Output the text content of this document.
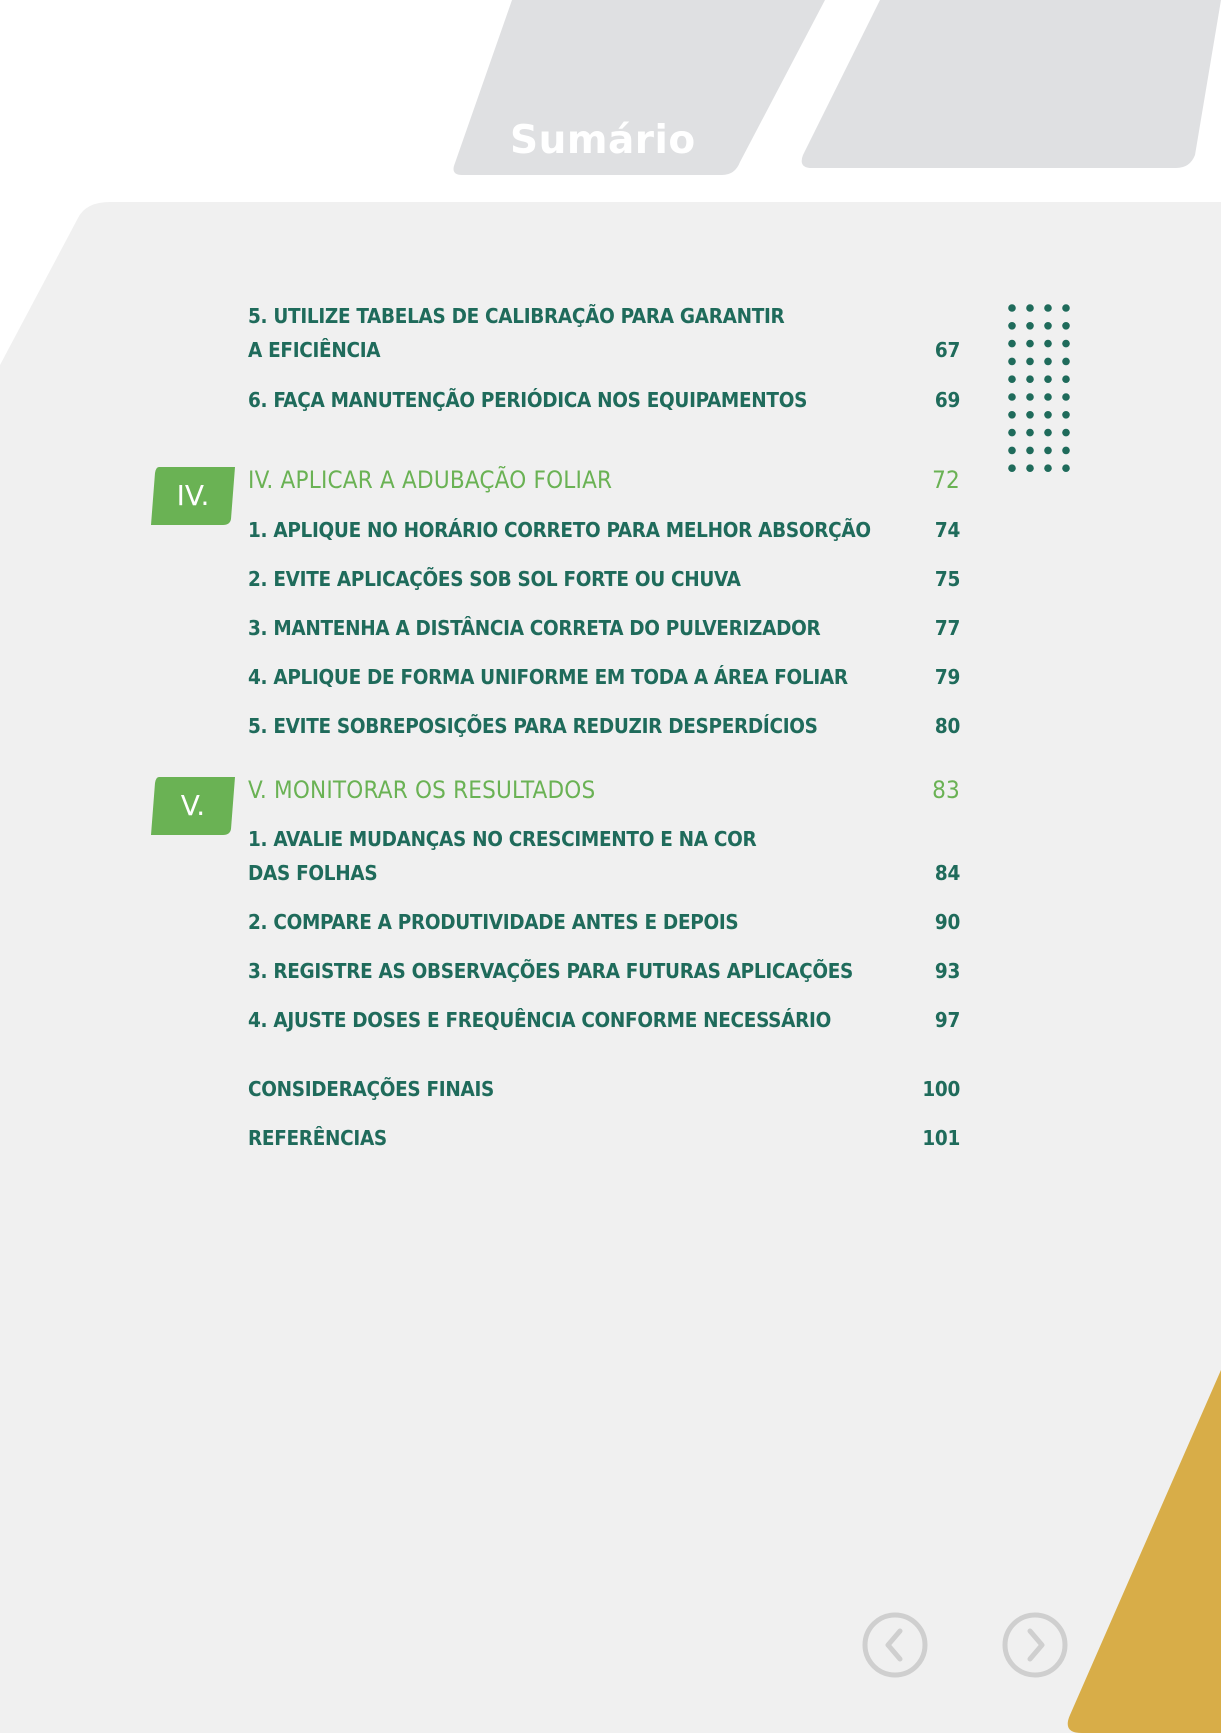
Sumário
5. UTILIZE TABELAS DE CALIBRAÇÃO PARA GARANTIR
A EFICIÊNCIA	67
6. FAÇA MANUTENÇÃO PERIÓDICA NOS EQUIPAMENTOS	69
IV.	IV. APLICAR A ADUBAÇÃO FOLIAR	72
1. APLIQUE NO HORÁRIO CORRETO PARA MELHOR ABSORÇÃO	74
2. EVITE APLICAÇÕES SOB SOL FORTE OU CHUVA	75
3. MANTENHA A DISTÂNCIA CORRETA DO PULVERIZADOR	77
4. APLIQUE DE FORMA UNIFORME EM TODA A ÁREA FOLIAR	79
5. EVITE SOBREPOSIÇÕES PARA REDUZIR DESPERDÍCIOS	80
V.	V. MONITORAR OS RESULTADOS	83
1. AVALIE MUDANÇAS NO CRESCIMENTO E NA COR
DAS FOLHAS	84
2. COMPARE A PRODUTIVIDADE ANTES E DEPOIS	90
3. REGISTRE AS OBSERVAÇÕES PARA FUTURAS APLICAÇÕES	93
4. AJUSTE DOSES E FREQUÊNCIA CONFORME NECESSÁRIO	97
CONSIDERAÇÕES FINAIS	100
REFERÊNCIAS	101
